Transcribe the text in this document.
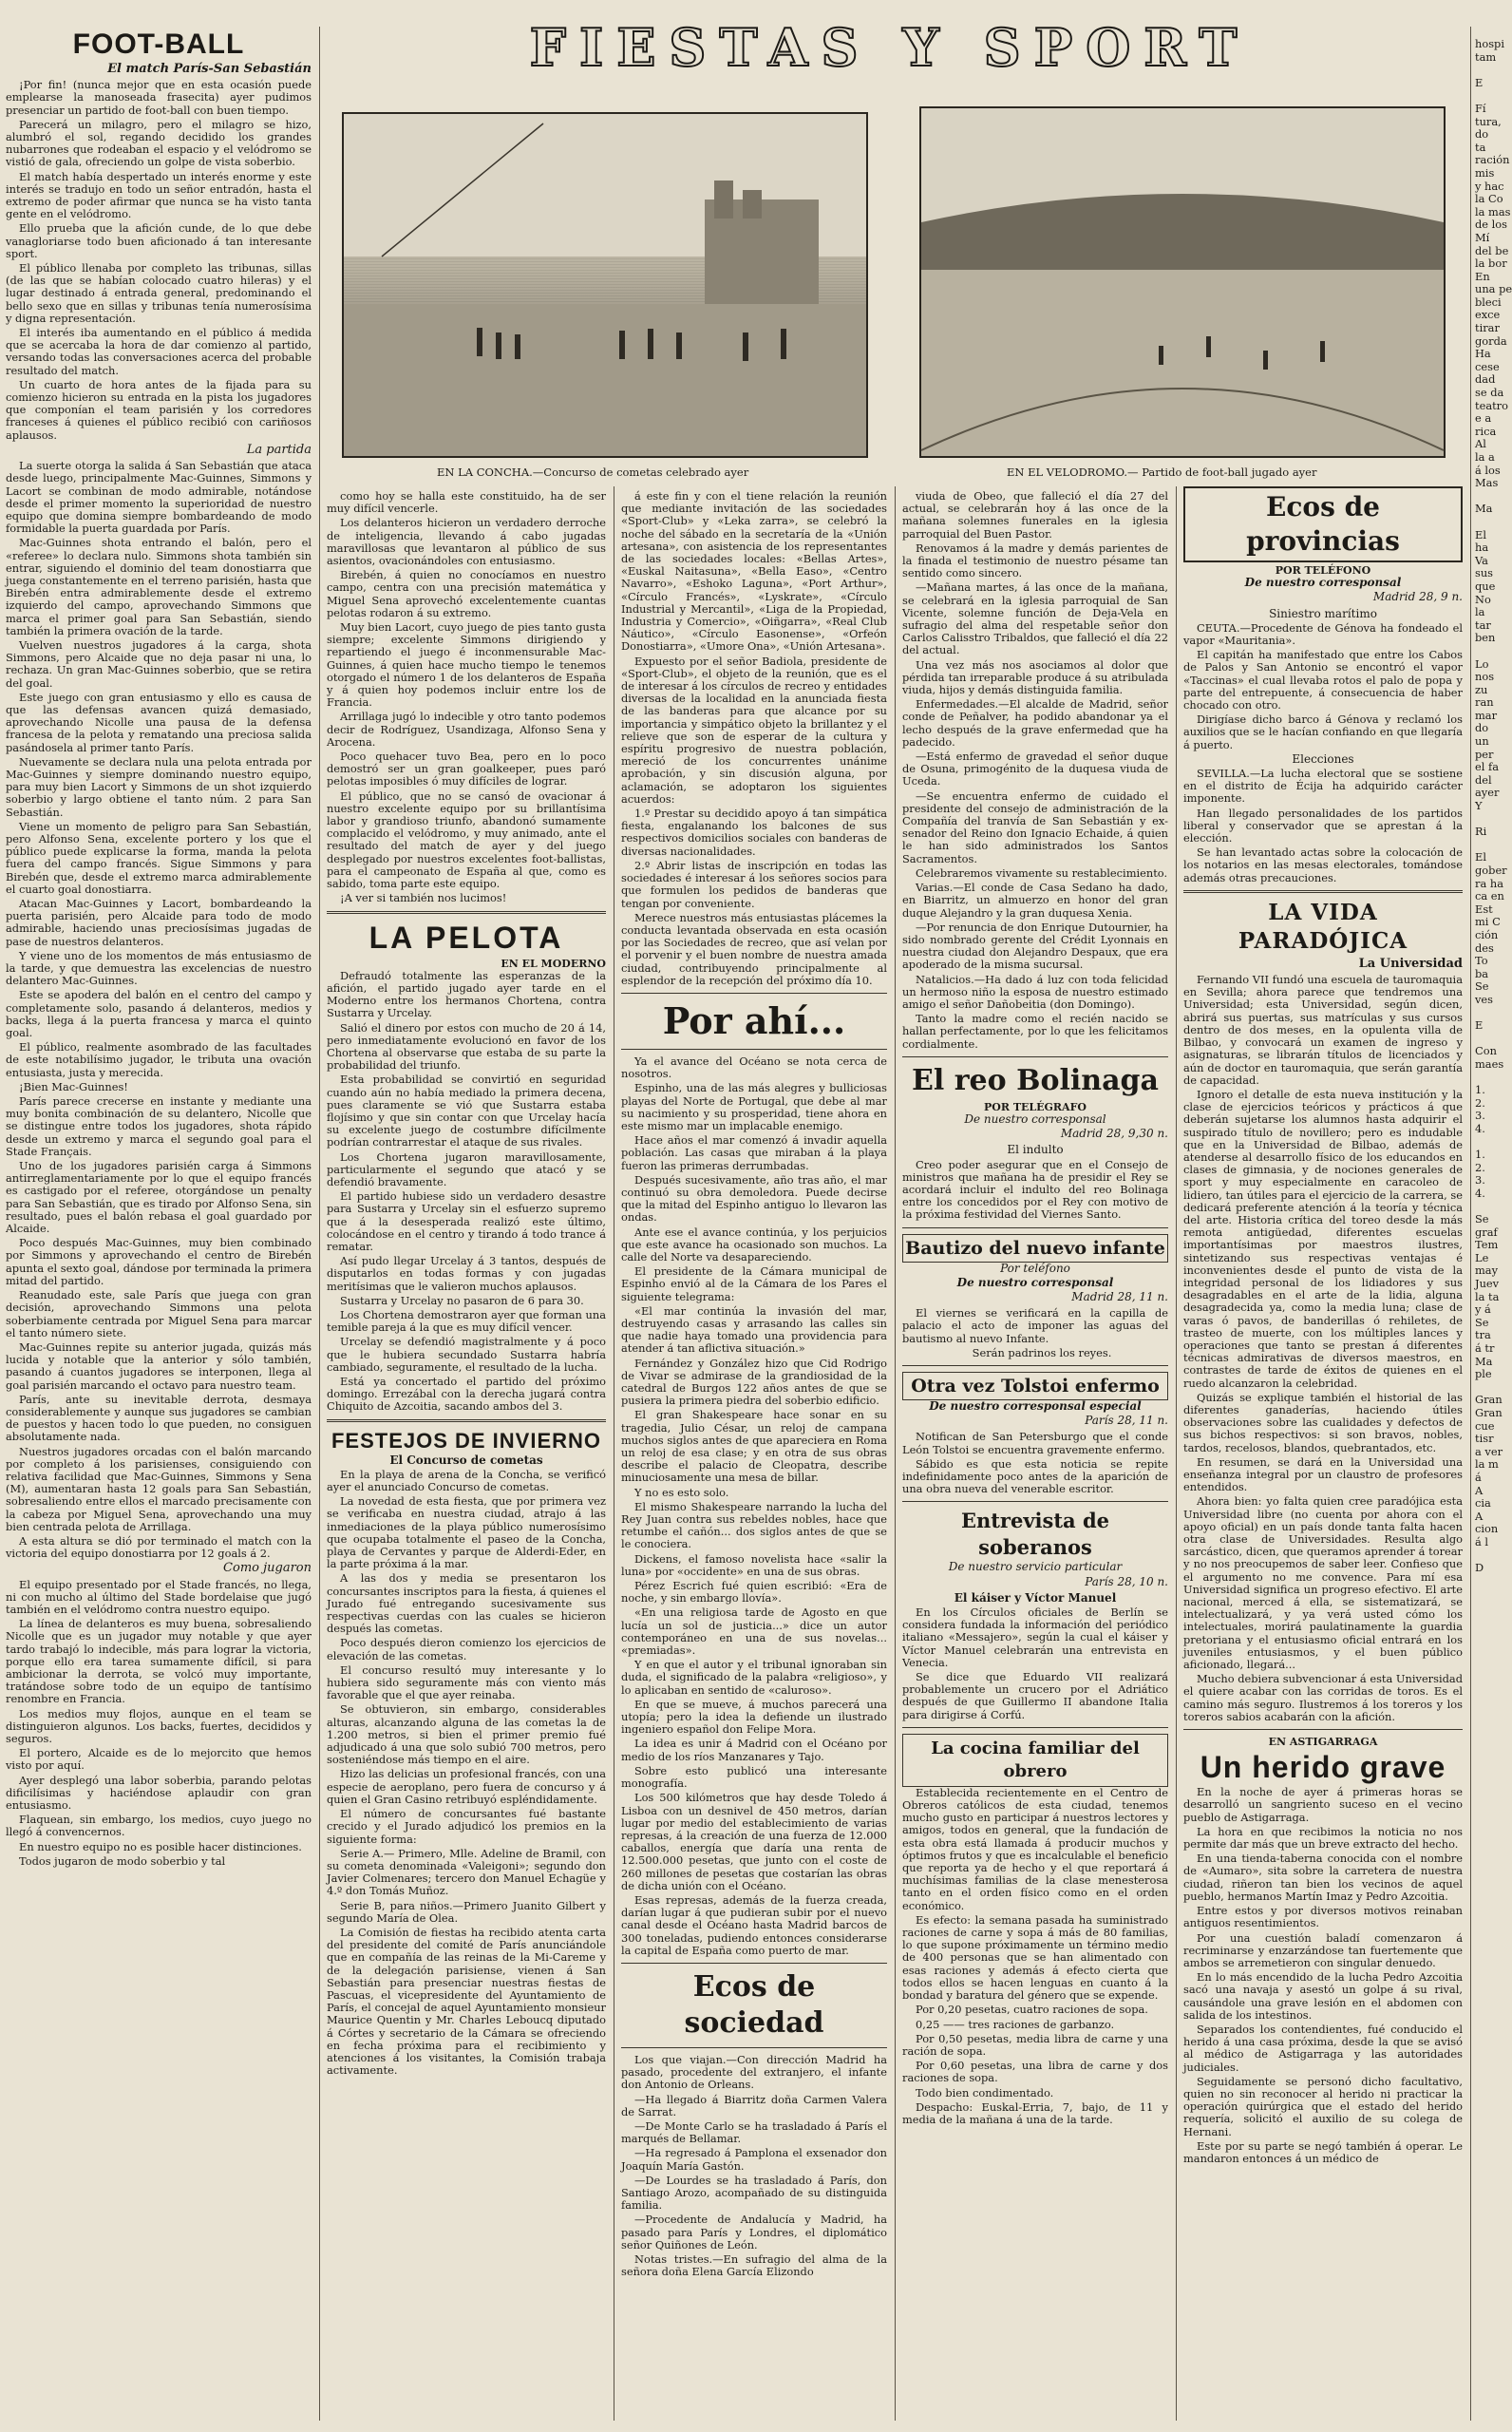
FIESTAS Y SPORT
EN LA CONCHA.—Concurso de cometas celebrado ayer	EN EL VELODROMO.— Partido de foot-ball jugado ayer
FOOT-BALL
El match París-San Sebastián

¡Por fin! (nunca mejor que en esta ocasión puede emplearse la manoseada frasecita) ayer pudimos presenciar un partido de foot-ball con buen tiempo.

Parecerá un milagro, pero el milagro se hizo, alumbró el sol, regando decidido los grandes nubarrones que rodeaban el espacio y el velódromo se vistió de gala, ofreciendo un golpe de vista soberbio.

El match había despertado un interés enorme y este interés se tradujo en todo un señor entradón, hasta el extremo de poder afirmar que nunca se ha visto tanta gente en el velódromo.

Ello prueba que la afición cunde, de lo que debe vanagloriarse todo buen aficionado á tan interesante sport.

El público llenaba por completo las tribunas, sillas (de las que se habían colocado cuatro hileras) y el lugar destinado á entrada general, predominando el bello sexo que en sillas y tribunas tenía numerosísima y digna representación.

El interés iba aumentando en el público á medida que se acercaba la hora de dar comienzo al partido, versando todas las conversaciones acerca del probable resultado del match.

Un cuarto de hora antes de la fijada para su comienzo hicieron su entrada en la pista los jugadores que componían el team parisién y los corredores franceses á quienes el público recibió con cariñosos aplausos.

La partida

La suerte otorga la salida á San Sebastián que ataca desde luego, principalmente Mac-Guinnes, Simmons y Lacort se combinan de modo admirable, notándose desde el primer momento la superioridad de nuestro equipo que domina siempre bombardeando de modo formidable la puerta guardada por París.

Mac-Guinnes shota entrando el balón, pero el «referee» lo declara nulo. Simmons shota también sin entrar, siguiendo el dominio del team donostiarra que juega constantemente en el terreno parisién, hasta que Birebén entra admirablemente desde el extremo izquierdo del campo, aprovechando Simmons que marca el primer goal para San Sebastián, siendo también la primera ovación de la tarde.

Vuelven nuestros jugadores á la carga, shota Simmons, pero Alcaide que no deja pasar ni una, lo rechaza. Un gran Mac-Guinnes soberbio, que se retira del goal.

Este juego con gran entusiasmo y ello es causa de que las defensas avancen quizá demasiado, aprovechando Nicolle una pausa de la defensa francesa de la pelota y rematando una preciosa salida pasándosela al primer tanto París.

Nuevamente se declara nula una pelota entrada por Mac-Guinnes y siempre dominando nuestro equipo, para muy bien Lacort y Simmons de un shot izquierdo soberbio y largo obtiene el tanto núm. 2 para San Sebastián.

Viene un momento de peligro para San Sebastián, pero Alfonso Sena, excelente portero y los que el público puede explicarse la forma, manda la pelota fuera del campo francés. Sigue Simmons y para Birebén que, desde el extremo marca admirablemente el cuarto goal donostiarra.

Atacan Mac-Guinnes y Lacort, bombardeando la puerta parisién, pero Alcaide para todo de modo admirable, haciendo unas preciosísimas jugadas de pase de nuestros delanteros.

Y viene uno de los momentos de más entusiasmo de la tarde, y que demuestra las excelencias de nuestro delantero Mac-Guinnes.

Este se apodera del balón en el centro del campo y completamente solo, pasando á delanteros, medios y backs, llega á la puerta francesa y marca el quinto goal.

El público, realmente asombrado de las facultades de este notabilísimo jugador, le tributa una ovación entusiasta, justa y merecida.

¡Bien Mac-Guinnes!

París parece crecerse en instante y mediante una muy bonita combinación de su delantero, Nicolle que se distingue entre todos los jugadores, shota rápido desde un extremo y marca el segundo goal para el Stade Français.

Uno de los jugadores parisién carga á Simmons antirreglamentariamente por lo que el equipo francés es castigado por el referee, otorgándose un penalty para San Sebastián, que es tirado por Alfonso Sena, sin resultado, pues el balón rebasa el goal guardado por Alcaide.

Poco después Mac-Guinnes, muy bien combinado por Simmons y aprovechando el centro de Birebén apunta el sexto goal, dándose por terminada la primera mitad del partido.

Reanudado este, sale París que juega con gran decisión, aprovechando Simmons una pelota soberbiamente centrada por Miguel Sena para marcar el tanto número siete.

Mac-Guinnes repite su anterior jugada, quizás más lucida y notable que la anterior y sólo también, pasando á cuantos jugadores se interponen, llega al goal parisién marcando el octavo para nuestro team.

París, ante su inevitable derrota, desmaya considerablemente y aunque sus jugadores se cambian de puestos y hacen todo lo que pueden, no consiguen absolutamente nada.

Nuestros jugadores orcadas con el balón marcando por completo á los parisienses, consiguiendo con relativa facilidad que Mac-Guinnes, Simmons y Sena (M), aumentaran hasta 12 goals para San Sebastián, sobresaliendo entre ellos el marcado precisamente con la cabeza por Miguel Sena, aprovechando una muy bien centrada pelota de Arrillaga.

A esta altura se dió por terminado el match con la victoria del equipo donostiarra por 12 goals á 2.

Como jugaron

El equipo presentado por el Stade francés, no llega, ni con mucho al último del Stade bordelaise que jugó también en el velódromo contra nuestro equipo.

La línea de delanteros es muy buena, sobresaliendo Nicolle que es un jugador muy notable y que ayer tardo trabajó lo indecible, más para lograr la victoria, porque ello era tarea sumamente difícil, si para ambicionar la derrota, se volcó muy importante, tratándose sobre todo de un equipo de tantísimo renombre en Francia.

Los medios muy flojos, aunque en el team se distinguieron algunos. Los backs, fuertes, decididos y seguros.

El portero, Alcaide es de lo mejorcito que hemos visto por aquí.

Ayer desplegó una labor soberbia, parando pelotas dificilísimas y haciéndose aplaudir con gran entusiasmo.

Flaquean, sin embargo, los medios, cuyo juego no llegó á convencernos.

En nuestro equipo no es posible hacer distinciones.

Todos jugaron de modo soberbio y tal

como hoy se halla este constituido, ha de ser muy difícil vencerle.

Los delanteros hicieron un verdadero derroche de inteligencia, llevando á cabo jugadas maravillosas que levantaron al público de sus asientos, ovacionándoles con entusiasmo.

Birebén, á quien no conocíamos en nuestro campo, centra con una precisión matemática y Miguel Sena aprovechó excelentemente cuantas pelotas rodaron á su extremo.

Muy bien Lacort, cuyo juego de pies tanto gusta siempre; excelente Simmons dirigiendo y repartiendo el juego é inconmensurable Mac-Guinnes, á quien hace mucho tiempo le tenemos otorgado el número 1 de los delanteros de España y á quien hoy podemos incluir entre los de Francia.

Arrillaga jugó lo indecible y otro tanto podemos decir de Rodríguez, Usandizaga, Alfonso Sena y Arocena.

Poco quehacer tuvo Bea, pero en lo poco demostró ser un gran goalkeeper, pues paró pelotas imposibles ó muy difíciles de lograr.

El público, que no se cansó de ovacionar á nuestro excelente equipo por su brillantísima labor y grandioso triunfo, abandonó sumamente complacido el velódromo, y muy animado, ante el resultado del match de ayer y del juego desplegado por nuestros excelentes foot-ballistas, para el campeonato de España al que, como es sabido, toma parte este equipo.

¡A ver si también nos lucimos!

LA PELOTA
EN EL MODERNO

Defraudó totalmente las esperanzas de la afición, el partido jugado ayer tarde en el Moderno entre los hermanos Chortena, contra Sustarra y Urcelay.

Salió el dinero por estos con mucho de 20 á 14, pero inmediatamente evolucionó en favor de los Chortena al observarse que estaba de su parte la probabilidad del triunfo.

Esta probabilidad se convirtió en seguridad cuando aún no había mediado la primera decena, pues claramente se vió que Sustarra estaba flojísimo y que sin contar con que Urcelay hacía su excelente juego de costumbre difícilmente podrían contrarrestar el ataque de sus rivales.

Los Chortena jugaron maravillosamente, particularmente el segundo que atacó y se defendió bravamente.

El partido hubiese sido un verdadero desastre para Sustarra y Urcelay sin el esfuerzo supremo que á la desesperada realizó este último, colocándose en el centro y tirando á todo trance á rematar.

Así pudo llegar Urcelay á 3 tantos, después de disputarlos en todas formas y con jugadas meritísimas que le valieron muchos aplausos.

Sustarra y Urcelay no pasaron de 6 para 30.

Los Chortena demostraron ayer que forman una temible pareja á la que es muy difícil vencer.

Urcelay se defendió magistralmente y á poco que le hubiera secundado Sustarra habría cambiado, seguramente, el resultado de la lucha.

Está ya concertado el partido del próximo domingo. Errezábal con la derecha jugará contra Chiquito de Azcoitia, sacando ambos del 3.

FESTEJOS DE INVIERNO
El Concurso de cometas

En la playa de arena de la Concha, se verificó ayer el anunciado Concurso de cometas.

La novedad de esta fiesta, que por primera vez se verificaba en nuestra ciudad, atrajo á las inmediaciones de la playa público numerosísimo que ocupaba totalmente el paseo de la Concha, playa de Cervantes y parque de Alderdi-Eder, en la parte próxima á la mar.

A las dos y media se presentaron los concursantes inscriptos para la fiesta, á quienes el Jurado fué entregando sucesivamente sus respectivas cuerdas con las cuales se hicieron después las cometas.

Poco después dieron comienzo los ejercicios de elevación de las cometas.

El concurso resultó muy interesante y lo hubiera sido seguramente más con viento más favorable que el que ayer reinaba.

Se obtuvieron, sin embargo, considerables alturas, alcanzando alguna de las cometas la de 1.200 metros, si bien el primer premio fué adjudicado á una que solo subió 700 metros, pero sosteniéndose más tiempo en el aire.

Hizo las delicias un profesional francés, con una especie de aeroplano, pero fuera de concurso y á quien el Gran Casino retribuyó espléndidamente.

El número de concursantes fué bastante crecido y el Jurado adjudicó los premios en la siguiente forma:

Serie A.— Primero, Mlle. Adeline de Bramil, con su cometa denominada «Valeigoni»; segundo don Javier Colmenares; tercero don Manuel Echagüe y 4.º don Tomás Muñoz.

Serie B, para niños.—Primero Juanito Gilbert y segundo María de Olea.

La Comisión de fiestas ha recibido atenta carta del presidente del comité de París anunciándole que en compañía de las reinas de la Mi-Careme y de la delegación parisiense, vienen á San Sebastián para presenciar nuestras fiestas de Pascuas, el vicepresidente del Ayuntamiento de París, el concejal de aquel Ayuntamiento monsieur Maurice Quentin y Mr. Charles Leboucq diputado á Córtes y secretario de la Cámara se ofreciendo en fecha próxima para el recibimiento y atenciones á los visitantes, la Comisión trabaja activamente.

á este fin y con el tiene relación la reunión que mediante invitación de las sociedades «Sport-Club» y «Leka zarra», se celebró la noche del sábado en la secretaría de la «Unión artesana», con asistencia de los representantes de las sociedades locales: «Bellas Artes», «Euskal Naitasuna», «Bella Easo», «Centro Navarro», «Eshoko Laguna», «Port Arthur», «Círculo Francés», «Lyskrate», «Círculo Industrial y Mercantil», «Liga de la Propiedad, Industria y Comercio», «Oiñgarra», «Real Club Náutico», «Círculo Easonense», «Orfeón Donostiarra», «Umore Ona», «Unión Artesana».

Expuesto por el señor Badiola, presidente de «Sport-Club», el objeto de la reunión, que es el de interesar á los círculos de recreo y entidades diversas de la localidad en la anunciada fiesta de las banderas para que alcance por su importancia y simpático objeto la brillantez y el relieve que son de esperar de la cultura y espíritu progresivo de nuestra población, mereció de los concurrentes unánime aprobación, y sin discusión alguna, por aclamación, se adoptaron los siguientes acuerdos:

1.º Prestar su decidido apoyo á tan simpática fiesta, engalanando los balcones de sus respectivos domicilios sociales con banderas de diversas nacionalidades.

2.º Abrir listas de inscripción en todas las sociedades é interesar á los señores socios para que formulen los pedidos de banderas que tengan por conveniente.

Merece nuestros más entusiastas plácemes la conducta levantada observada en esta ocasión por las Sociedades de recreo, que así velan por el porvenir y el buen nombre de nuestra amada ciudad, contribuyendo principalmente al esplendor de la recepción del próximo día 10.

Por ahí...

Ya el avance del Océano se nota cerca de nosotros.

Espinho, una de las más alegres y bulliciosas playas del Norte de Portugal, que debe al mar su nacimiento y su prosperidad, tiene ahora en este mismo mar un implacable enemigo.

Hace años el mar comenzó á invadir aquella población. Las casas que miraban á la playa fueron las primeras derrumbadas.

Después sucesivamente, año tras año, el mar continuó su obra demoledora. Puede decirse que la mitad del Espinho antiguo lo llevaron las ondas.

Ante ese el avance continúa, y los perjuicios que este avance ha ocasionado son muchos. La calle del Norte va desapareciendo.

El presidente de la Cámara municipal de Espinho envió al de la Cámara de los Pares el siguiente telegrama:

«El mar continúa la invasión del mar, destruyendo casas y arrasando las calles sin que nadie haya tomado una providencia para atender á tan aflictiva situación.»

Fernández y González hizo que Cid Rodrigo de Vivar se admirase de la grandiosidad de la catedral de Burgos 122 años antes de que se pusiera la primera piedra del soberbio edificio.

El gran Shakespeare hace sonar en su tragedia, Julio César, un reloj de campana muchos siglos antes de que apareciera en Roma un reloj de esa clase; y en otra de sus obras describe el palacio de Cleopatra, describe minuciosamente una mesa de billar.

Y no es esto solo.

El mismo Shakespeare narrando la lucha del Rey Juan contra sus rebeldes nobles, hace que retumbe el cañón... dos siglos antes de que se le conociera.

Dickens, el famoso novelista hace «salir la luna» por «occidente» en una de sus obras.

Pérez Escrich fué quien escribió: «Era de noche, y sin embargo llovía».

«En una religiosa tarde de Agosto en que lucía un sol de justicia...» dice un autor contemporáneo en una de sus novelas... «premiadas».

Y en que el autor y el tribunal ignoraban sin duda, el significado de la palabra «religioso», y lo aplicaban en sentido de «caluroso».

En que se mueve, á muchos parecerá una utopía; pero la idea la defiende un ilustrado ingeniero español don Felipe Mora.

La idea es unir á Madrid con el Océano por medio de los ríos Manzanares y Tajo.

Sobre esto publicó una interesante monografía.

Los 500 kilómetros que hay desde Toledo á Lisboa con un desnivel de 450 metros, darían lugar por medio del establecimiento de varias represas, á la creación de una fuerza de 12.000 caballos, energía que daría una renta de 12.500.000 pesetas, que junto con el coste de 260 millones de pesetas que costarían las obras de dicha unión con el Océano.

Esas represas, además de la fuerza creada, darían lugar á que pudieran subir por el nuevo canal desde el Océano hasta Madrid barcos de 300 toneladas, pudiendo entonces considerarse la capital de España como puerto de mar.

Ecos de sociedad

Los que viajan.—Con dirección Madrid ha pasado, procedente del extranjero, el infante don Antonio de Orleans.

—Ha llegado á Biarritz doña Carmen Valera de Sarrat.

—De Monte Carlo se ha trasladado á París el marqués de Bellamar.

—Ha regresado á Pamplona el exsenador don Joaquín María Gastón.

—De Lourdes se ha trasladado á París, don Santiago Arozo, acompañado de su distinguida familia.

—Procedente de Andalucía y Madrid, ha pasado para París y Londres, el diplomático señor Quiñones de León.

Notas tristes.—En sufragio del alma de la señora doña Elena García Elizondo

viuda de Obeo, que falleció el día 27 del actual, se celebrarán hoy á las once de la mañana solemnes funerales en la iglesia parroquial del Buen Pastor.

Renovamos á la madre y demás parientes de la finada el testimonio de nuestro pésame tan sentido como sincero.

—Mañana martes, á las once de la mañana, se celebrará en la iglesia parroquial de San Vicente, solemne función de Deja-Vela en sufragio del alma del respetable señor don Carlos Calisstro Tribaldos, que falleció el día 22 del actual.

Una vez más nos asociamos al dolor que pérdida tan irreparable produce á su atribulada viuda, hijos y demás distinguida familia.

Enfermedades.—El alcalde de Madrid, señor conde de Peñalver, ha podido abandonar ya el lecho después de la grave enfermedad que ha padecido.

—Está enfermo de gravedad el señor duque de Osuna, primogénito de la duquesa viuda de Uceda.

—Se encuentra enfermo de cuidado el presidente del consejo de administración de la Compañía del tranvía de San Sebastián y ex-senador del Reino don Ignacio Echaide, á quien le han sido administrados los Santos Sacramentos.

Celebraremos vivamente su restablecimiento.

Varias.—El conde de Casa Sedano ha dado, en Biarritz, un almuerzo en honor del gran duque Alejandro y la gran duquesa Xenia.

—Por renuncia de don Enrique Dutournier, ha sido nombrado gerente del Crédit Lyonnais en nuestra ciudad don Alejandro Despaux, que era apoderado de la misma sucursal.

Natalicios.—Ha dado á luz con toda felicidad un hermoso niño la esposa de nuestro estimado amigo el señor Dañobeitia (don Domingo).

Tanto la madre como el recién nacido se hallan perfectamente, por lo que les felicitamos cordialmente.

El reo Bolinaga
POR TELÉGRAFO
De nuestro corresponsal
Madrid 28, 9,30 n.
El indulto

Creo poder asegurar que en el Consejo de ministros que mañana ha de presidir el Rey se acordará incluir el indulto del reo Bolinaga entre los concedidos por el Rey con motivo de la próxima festividad del Viernes Santo.

Bautizo del nuevo infante
Por teléfono
De nuestro corresponsal
Madrid 28, 11 n.

El viernes se verificará en la capilla de palacio el acto de imponer las aguas del bautismo al nuevo Infante.

Serán padrinos los reyes.

Otra vez Tolstoi enfermo
De nuestro corresponsal especial
París 28, 11 n.

Notifican de San Petersburgo que el conde León Tolstoi se encuentra gravemente enfermo.

Sábido es que esta noticia se repite indefinidamente poco antes de la aparición de una obra nueva del venerable escritor.

Entrevista de soberanos
De nuestro servicio particular
París 28, 10 n.
El káiser y Víctor Manuel

En los Círculos oficiales de Berlín se considera fundada la información del periódico italiano «Messajero», según la cual el káiser y Víctor Manuel celebrarán una entrevista en Venecia.

Se dice que Eduardo VII realizará probablemente un crucero por el Adriático después de que Guillermo II abandone Italia para dirigirse á Corfú.

La cocina familiar del obrero

Establecida recientemente en el Centro de Obreros católicos de esta ciudad, tenemos mucho gusto en participar á nuestros lectores y amigos, todos en general, que la fundación de esta obra está llamada á producir muchos y óptimos frutos y que es incalculable el beneficio que reporta ya de hecho y el que reportará á muchísimas familias de la clase menesterosa tanto en el orden físico como en el orden económico.

Es efecto: la semana pasada ha suministrado raciones de carne y sopa á más de 80 familias, lo que supone próximamente un término medio de 400 personas que se han alimentado con esas raciones y además á efecto cierta que todos ellos se hacen lenguas en cuanto á la bondad y baratura del género que se expende.

Por 0,20 pesetas, cuatro raciones de sopa.

0,25 —— tres raciones de garbanzo.

Por 0,50 pesetas, media libra de carne y una ración de sopa.

Por 0,60 pesetas, una libra de carne y dos raciones de sopa.

Todo bien condimentado.

Despacho: Euskal-Erria, 7, bajo, de 11 y media de la mañana á una de la tarde.

Ecos de provincias
POR TELÉFONO
De nuestro corresponsal
Madrid 28, 9 n.
Siniestro marítimo

CEUTA.—Procedente de Génova ha fondeado el vapor «Mauritania».

El capitán ha manifestado que entre los Cabos de Palos y San Antonio se encontró el vapor «Taccinas» el cual llevaba rotos el palo de popa y parte del entrepuente, á consecuencia de haber chocado con otro.

Dirigíase dicho barco á Génova y reclamó los auxilios que se le hacían confiando en que llegaría á puerto.

Elecciones

SEVILLA.—La lucha electoral que se sostiene en el distrito de Écija ha adquirido carácter imponente.

Han llegado personalidades de los partidos liberal y conservador que se aprestan á la elección.

Se han levantado actas sobre la colocación de los notarios en las mesas electorales, tomándose además otras precauciones.

LA VIDA PARADÓJICA
La Universidad

Fernando VII fundó una escuela de tauromaquia en Sevilla; ahora parece que tendremos una Universidad; esta Universidad, según dicen, abrirá sus puertas, sus matrículas y sus cursos dentro de dos meses, en la opulenta villa de Bilbao, y convocará un examen de ingreso y asignaturas, se librarán títulos de licenciados y aún de doctor en tauromaquia, que serán garantía de capacidad.

Ignoro el detalle de esta nueva institución y la clase de ejercicios teóricos y prácticos á que deberán sujetarse los alumnos hasta adquirir el suspirado título de novillero; pero es indudable que en la Universidad de Bilbao, además de atenderse al desarrollo físico de los educandos en clases de gimnasia, y de nociones generales de sport y muy especialmente en caracoleo de lidiero, tan útiles para el ejercicio de la carrera, se dedicará preferente atención á la teoría y técnica del arte. Historia crítica del toreo desde la más remota antigüedad, diferentes escuelas importantísimas por maestros ilustres, sintetizando sus respectivas ventajas é inconvenientes desde el punto de vista de la integridad personal de los lidiadores y sus desagradables en el arte de la lidia, alguna desagradecida ya, como la media luna; clase de varas ó pavos, de banderillas ó rehiletes, de trasteo de muerte, con los múltiples lances y operaciones que tanto se prestan á diferentes técnicas admirativas de diversos maestros, en contrastes de tarde de éxitos de quienes en el ruedo alcanzaron la celebridad.

Quizás se explique también el historial de las diferentes ganaderías, haciendo útiles observaciones sobre las cualidades y defectos de sus bichos respectivos: si son bravos, nobles, tardos, recelosos, blandos, quebrantados, etc.

En resumen, se dará en la Universidad una enseñanza integral por un claustro de profesores entendidos.

Ahora bien: yo falta quien cree paradójica esta Universidad libre (no cuenta por ahora con el apoyo oficial) en un país donde tanta falta hacen otra clase de Universidades. Resulta algo sarcástico, dicen, que queramos aprender á torear y no nos preocupemos de saber leer. Confieso que el argumento no me convence. Para mí esa Universidad significa un progreso efectivo. El arte nacional, merced á ella, se sistematizará, se intelectualizará, y ya verá usted cómo los intelectuales, morirá paulatinamente la guardia pretoriana y el entusiasmo oficial entrará en los juveniles entusiasmos, y el buen público aficionado, llegará...

Mucho debiera subvencionar á esta Universidad el quiere acabar con las corridas de toros. Es el camino más seguro. Ilustremos á los toreros y los toreros sabios acabarán con la afición.

EN ASTIGARRAGA
Un herido grave

En la noche de ayer á primeras horas se desarrolló un sangriento suceso en el vecino pueblo de Astigarraga.

La hora en que recibimos la noticia no nos permite dar más que un breve extracto del hecho.

En una tienda-taberna conocida con el nombre de «Aumaro», sita sobre la carretera de nuestra ciudad, riñeron tan bien los vecinos de aquel pueblo, hermanos Martín Imaz y Pedro Azcoitia.

Entre estos y por diversos motivos reinaban antiguos resentimientos.

Por una cuestión baladí comenzaron á recriminarse y enzarzándose tan fuertemente que ambos se arremetieron con singular denuedo.

En lo más encendido de la lucha Pedro Azcoitia sacó una navaja y asestó un golpe á su rival, causándole una grave lesión en el abdomen con salida de los intestinos.

Separados los contendientes, fué conducido el herido á una casa próxima, desde la que se avisó al médico de Astigarraga y las autoridades judiciales.

Seguidamente se personó dicho facultativo, quien no sin reconocer al herido ni practicar la operación quirúrgica que el estado del herido requería, solicitó el auxilio de su colega de Hernani.

Este por su parte se negó también á operar. Le mandaron entonces á un médico de

hospi
tam

E

Fí
tura,
do
ta
ración
mis
y hac
la Co
la mas
de los
Mí
del be
la bor
En
una pe
bleci
exce
tirar
gorda
Ha
cese
dad
se da
teatro
e a
rica
Al
la a
á los
Mas

Ma

El
ha
Va
sus
que
No
la
tar
ben

Lo
nos
zu
ran
mar
do
un
per
el fa
del
ayer
Y

Ri

El
gober
ra ha
ca en
Est
mi C
ción
des
To
ba
Se
ves

E

Con
maes

1.
2.
3.
4.

1.
2.
3.
4.

Se
graf
Tem
Le
may
Juev
la ta
y á
Se
tra
á tr
Ma
ple

Gran
Gran
cue
tisr
a ver
la m
á
A
cia
A
cion
á l

D
